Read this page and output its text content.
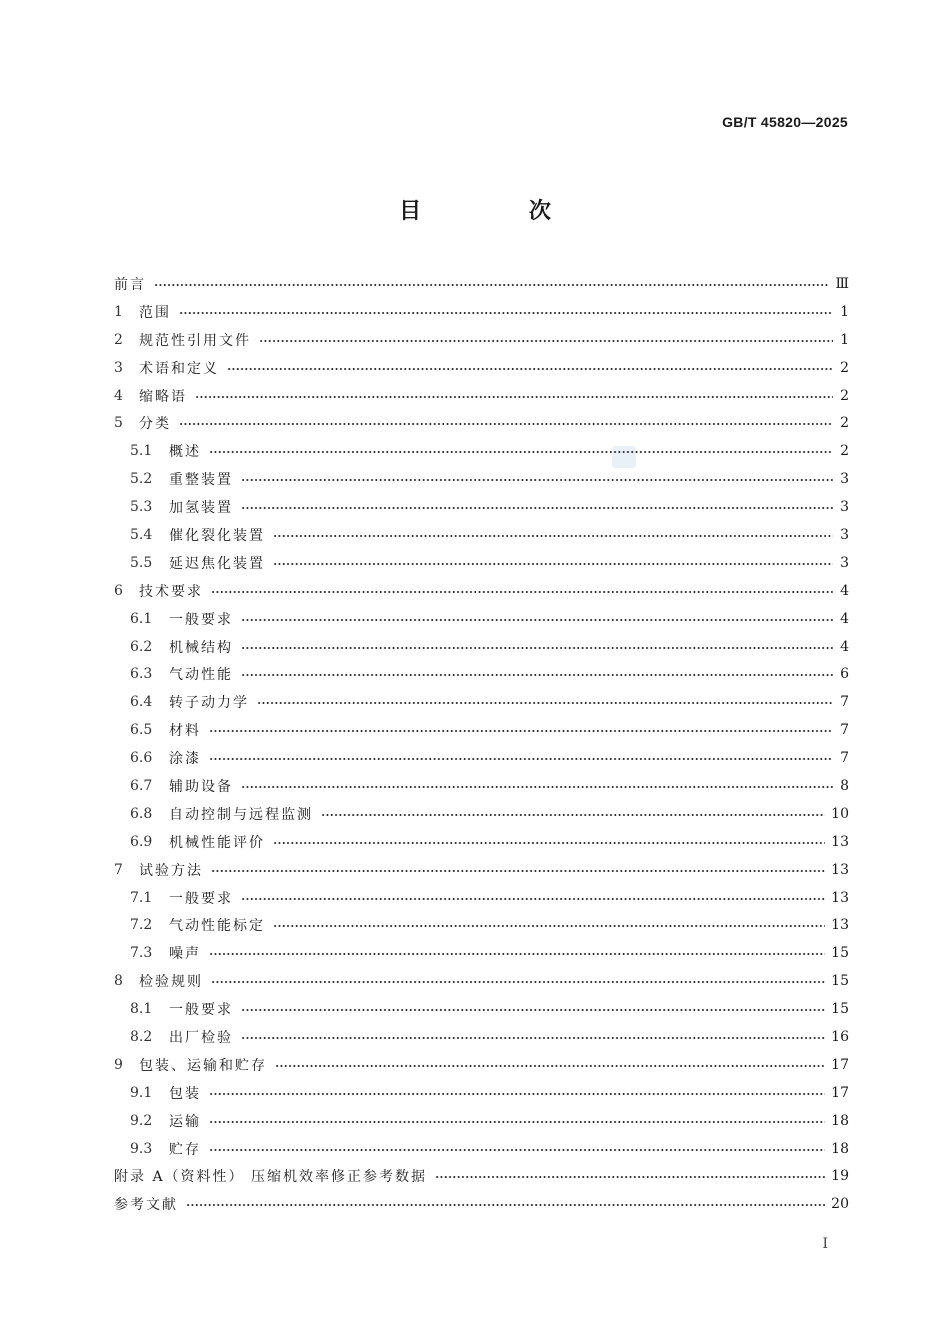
GB/T 45820—2025
目 次
前言	Ⅲ
1	范围	1
2	规范性引用文件	1
3	术语和定义	2
4	缩略语	2
5	分类	2
5.1	概述	2
5.2	重整装置	3
5.3	加氢装置	3
5.4	催化裂化装置	3
5.5	延迟焦化装置	3
6	技术要求	4
6.1	一般要求	4
6.2	机械结构	4
6.3	气动性能	6
6.4	转子动力学	7
6.5	材料	7
6.6	涂漆	7
6.7	辅助设备	8
6.8	自动控制与远程监测	10
6.9	机械性能评价	13
7	试验方法	13
7.1	一般要求	13
7.2	气动性能标定	13
7.3	噪声	15
8	检验规则	15
8.1	一般要求	15
8.2	出厂检验	16
9	包装、运输和贮存	17
9.1	包装	17
9.2	运输	18
9.3	贮存	18
附录 A（资料性） 压缩机效率修正参考数据	19
参考文献	20
Ⅰ
